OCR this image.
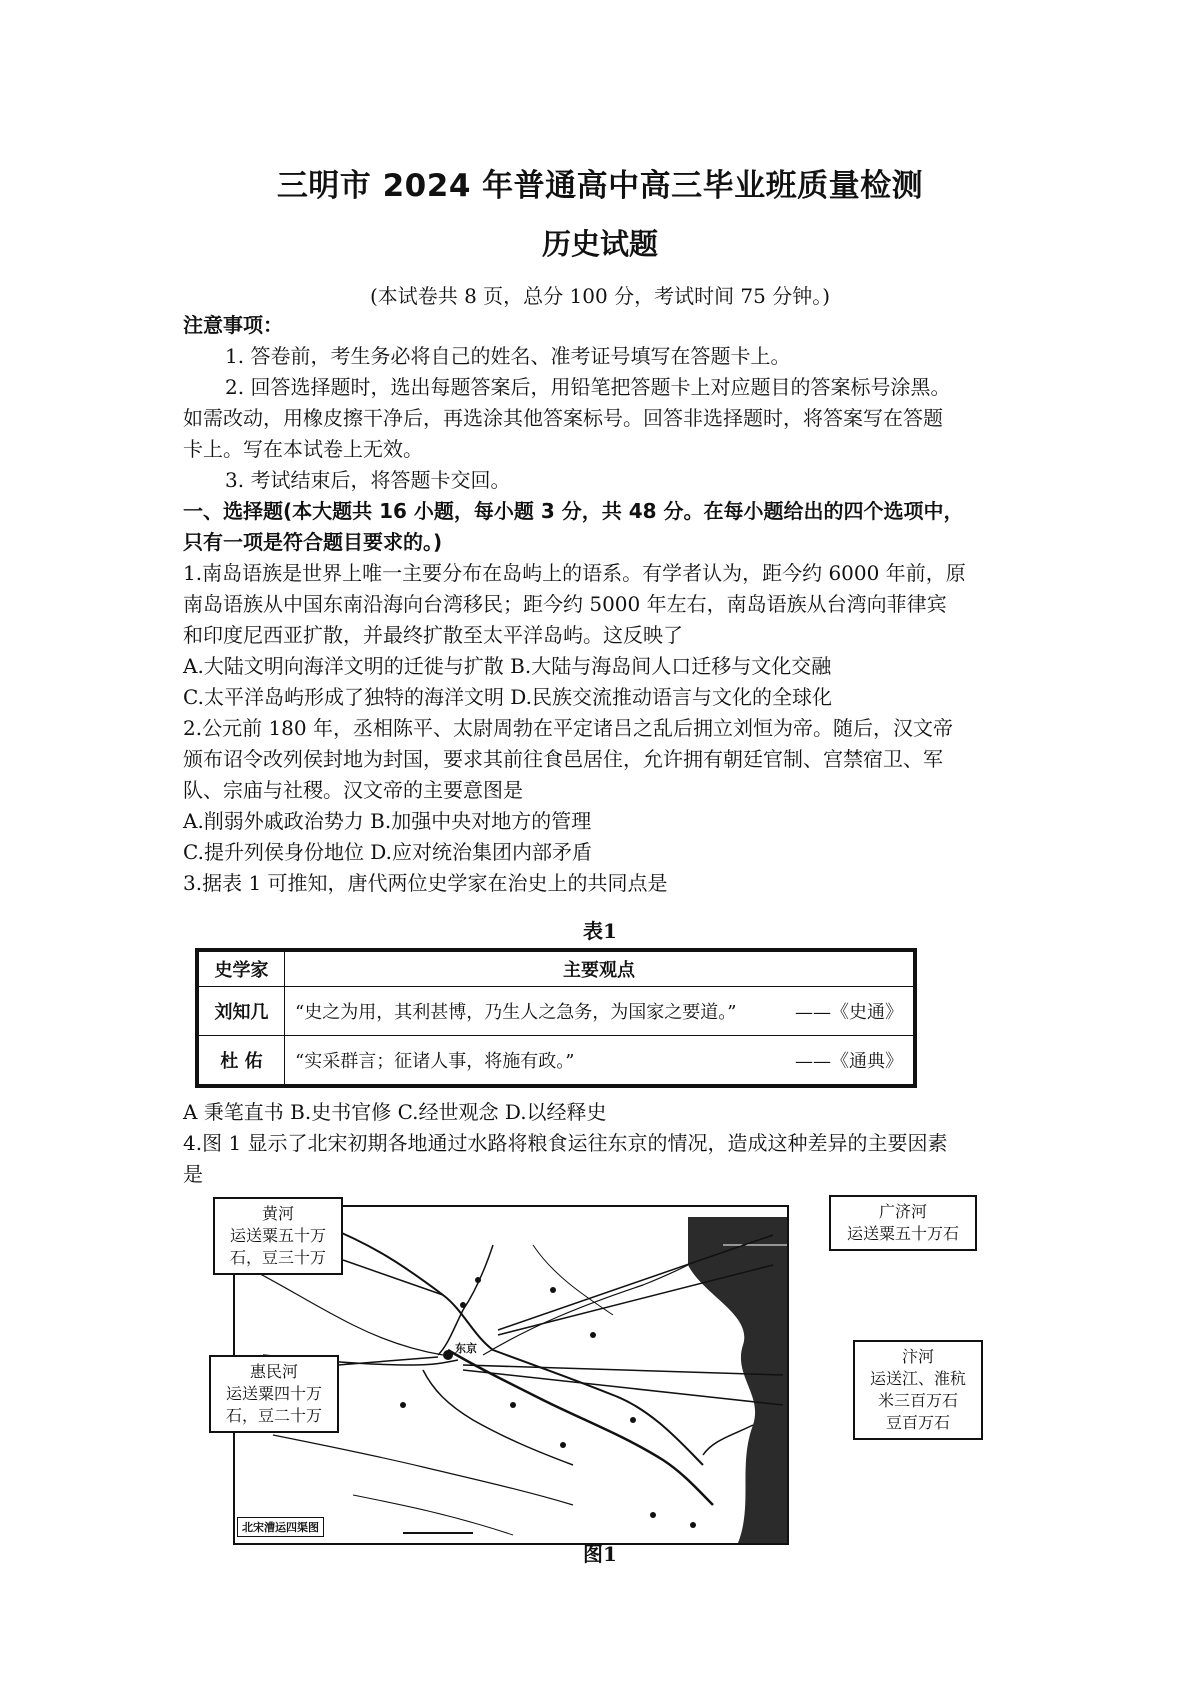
三明市 2024 年普通高中高三毕业班质量检测
历史试题
(本试卷共 8 页，总分 100 分，考试时间 75 分钟。)
注意事项：
1. 答卷前，考生务必将自己的姓名、准考证号填写在答题卡上。
2. 回答选择题时，选出每题答案后，用铅笔把答题卡上对应题目的答案标号涂黑。
如需改动，用橡皮擦干净后，再选涂其他答案标号。回答非选择题时，将答案写在答题
卡上。写在本试卷上无效。
3. 考试结束后，将答题卡交回。
一、选择题(本大题共 16 小题，每小题 3 分，共 48 分。在每小题给出的四个选项中，
只有一项是符合题目要求的。)
1.南岛语族是世界上唯一主要分布在岛屿上的语系。有学者认为，距今约 6000 年前，原
南岛语族从中国东南沿海向台湾移民；距今约 5000 年左右，南岛语族从台湾向菲律宾
和印度尼西亚扩散，并最终扩散至太平洋岛屿。这反映了
A.大陆文明向海洋文明的迁徙与扩散 B.大陆与海岛间人口迁移与文化交融
C.太平洋岛屿形成了独特的海洋文明 D.民族交流推动语言与文化的全球化
2.公元前 180 年，丞相陈平、太尉周勃在平定诸吕之乱后拥立刘恒为帝。随后，汉文帝
颁布诏令改列侯封地为封国，要求其前往食邑居住，允许拥有朝廷官制、宫禁宿卫、军
队、宗庙与社稷。汉文帝的主要意图是
A.削弱外戚政治势力 B.加强中央对地方的管理
C.提升列侯身份地位 D.应对统治集团内部矛盾
3.据表 1 可推知，唐代两位史学家在治史上的共同点是
表1
史学家	主要观点
刘知几	“史之为用，其利甚博，乃生人之急务，为国家之要道。” ——《史通》

杜 佑	“实采群言；征诸人事，将施有政。” ——《通典》
A 秉笔直书 B.史书官修 C.经世观念 D.以经释史
4.图 1 显示了北宋初期各地通过水路将粮食运往东京的情况，造成这种差异的主要因素
是
黄河
运送粟五十万
石，豆三十万
广济河
运送粟五十万石
惠民河
运送粟四十万
石，豆二十万
汴河
运送江、淮秔
米三百万石
豆百万石
北宋漕运四渠图
东京
图1
